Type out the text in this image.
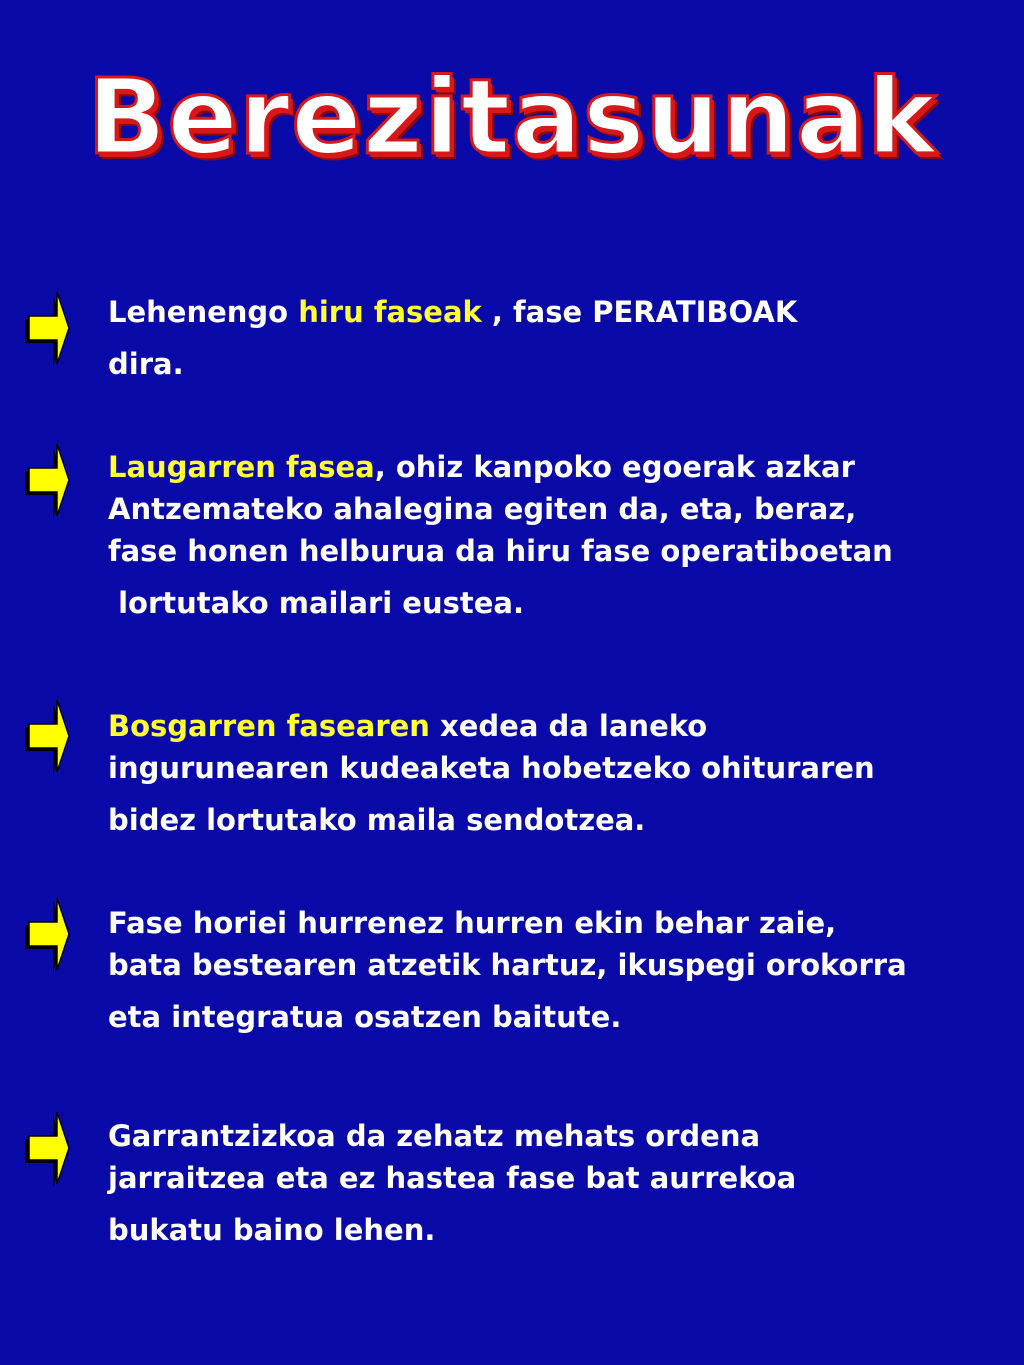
Berezitasunak
Lehenengo hiru faseak , fase PERATIBOAK
dira.
Laugarren fasea, ohiz kanpoko egoerak azkar
Antzemateko ahalegina egiten da, eta, beraz,
fase honen helburua da hiru fase operatiboetan
lortutako mailari eustea.
Bosgarren fasearen xedea da laneko
ingurunearen kudeaketa hobetzeko ohituraren
bidez lortutako maila sendotzea.
Fase horiei hurrenez hurren ekin behar zaie,
bata bestearen atzetik hartuz, ikuspegi orokorra
eta integratua osatzen baitute.
Garrantzizkoa da zehatz mehats ordena
jarraitzea eta ez hastea fase bat aurrekoa
bukatu baino lehen.
